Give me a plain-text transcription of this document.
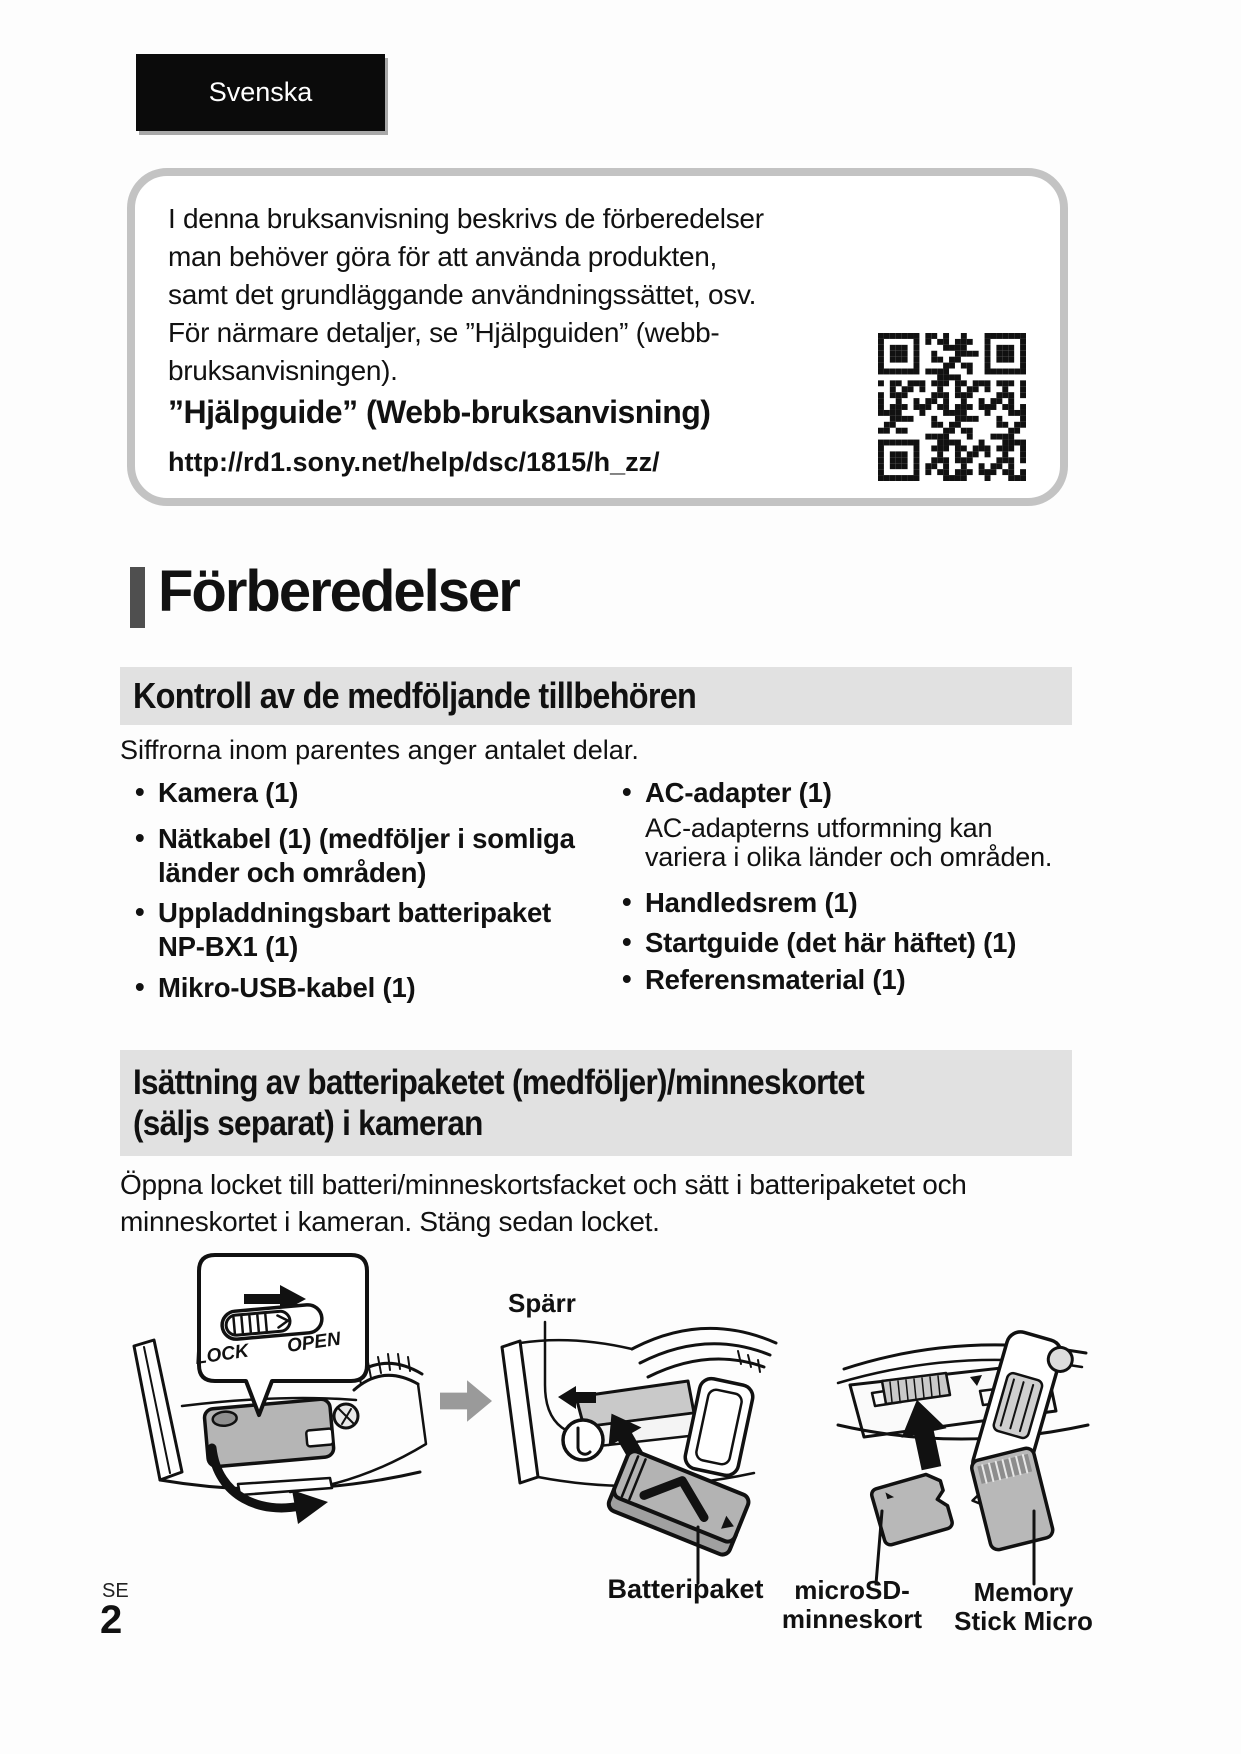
Svenska
I denna bruksanvisning beskrivs de förberedelser
man behöver göra för att använda produkten,
samt det grundläggande användningssättet, osv.
För närmare detaljer, se ”Hjälpguiden” (webb-
bruksanvisningen).
”Hjälpguide” (Webb-bruksanvisning)
http://rd1.sony.net/help/dsc/1815/h_zz/
Förberedelser
Kontroll av de medföljande tillbehören
Siffrorna inom parentes anger antalet delar.
• Kamera (1)
• Nätkabel (1) (medföljer i somliga
länder och områden)
• Uppladdningsbart batteripaket
NP-BX1 (1)
• Mikro-USB-kabel (1)
• AC-adapter (1)
AC-adapterns utformning kan
variera i olika länder och områden.
• Handledsrem (1)
• Startguide (det här häftet) (1)
• Referensmaterial (1)
Isättning av batteripaketet (medföljer)/minneskortet
(säljs separat) i kameran
Öppna locket till batteri/minneskortsfacket och sätt i batteripaketet och
minneskortet i kameran. Stäng sedan locket.
LOCK OPEN
Spärr
Batteripaket	microSD-
minneskort
Memory
Stick Micro
SE
2
